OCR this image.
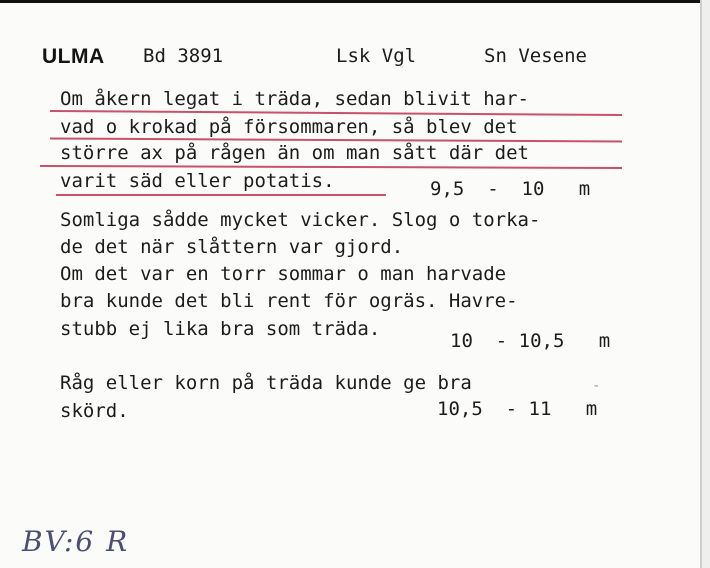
ULMA Bd 3891	Lsk Vgl	Sn Vesene
Om åkern legat i träda, sedan blivit har-
vad o krokad på försommaren, så blev det
större ax på rågen än om man sått där det
varit säd eller potatis.	9,5  -  10   m
Somliga sådde mycket vicker. Slog o torka-
de det när slåttern var gjord.
Om det var en torr sommar o man harvade
bra kunde det bli rent för ogräs. Havre-
stubb ej lika bra som träda.
10  - 10,5   m
Råg eller korn på träda kunde ge bra
skörd.	10,5  - 11   m
-
BV:6 R
